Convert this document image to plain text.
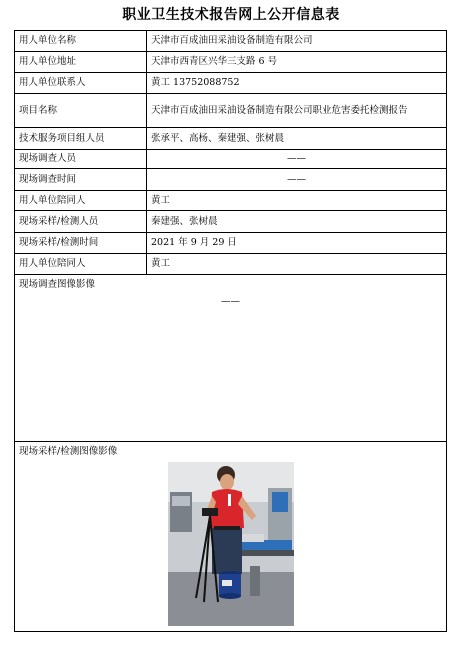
职业卫生技术报告网上公开信息表
用人单位名称	天津市百成油田采油设备制造有限公司
用人单位地址	天津市西青区兴华三支路 6 号
用人单位联系人	黄工 13752088752
项目名称	天津市百成油田采油设备制造有限公司职业危害委托检测报告
技术服务项目组人员	张承平、高杨、秦建强、张树晨
现场调查人员	——
现场调查时间	——
用人单位陪同人	黄工
现场采样/检测人员	秦建强、张树晨
现场采样/检测时间	2021 年 9 月 29 日
用人单位陪同人	黄工

现场调查图像影像
——	

现场采样/检测图像影像	
